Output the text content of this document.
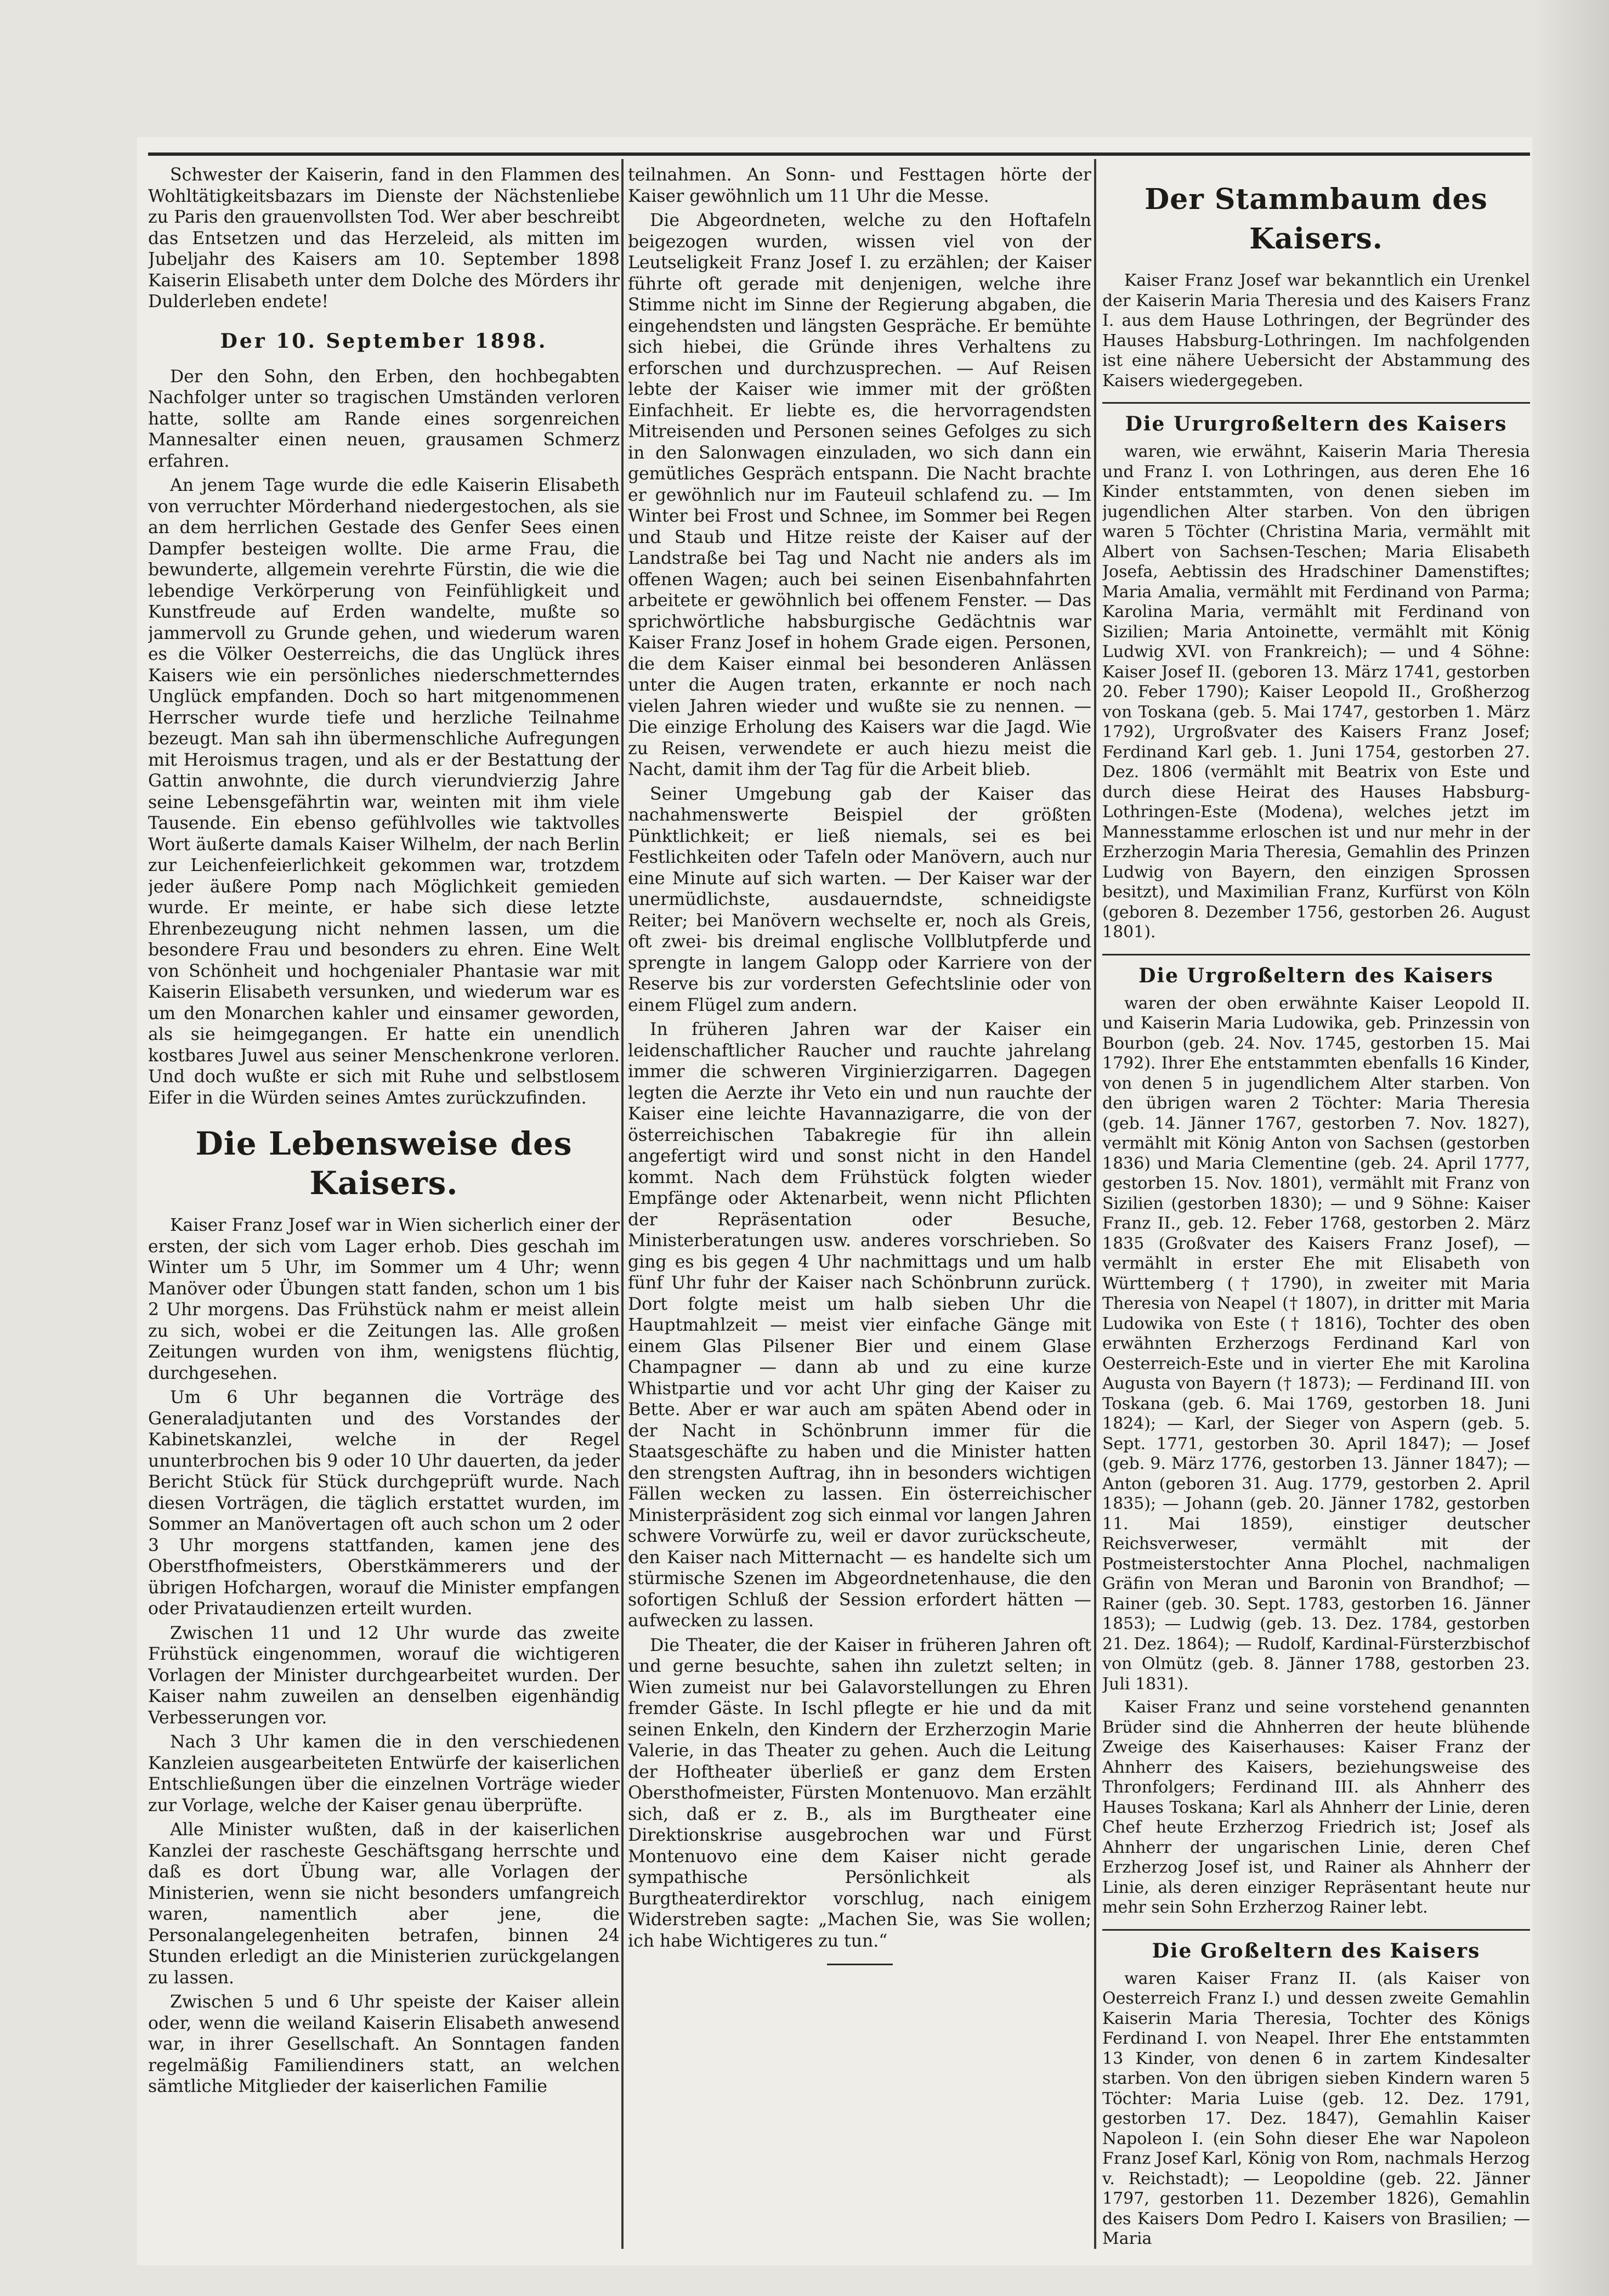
Schwester der Kaiserin, fand in den Flammen des Wohltätigkeitsbazars im Dienste der Nächstenliebe zu Paris den grauenvollsten Tod. Wer aber beschreibt das Entsetzen und das Herzeleid, als mitten im Jubeljahr des Kaisers am 10. September 1898 Kaiserin Elisabeth unter dem Dolche des Mörders ihr Dulderleben endete!

Der 10. September 1898.

Der den Sohn, den Erben, den hochbegabten Nachfolger unter so tragischen Umständen verloren hatte, sollte am Rande eines sorgenreichen Mannesalter einen neuen, grausamen Schmerz erfahren.

An jenem Tage wurde die edle Kaiserin Elisabeth von verruchter Mörderhand niedergestochen, als sie an dem herrlichen Gestade des Genfer Sees einen Dampfer besteigen wollte. Die arme Frau, die bewunderte, allgemein verehrte Fürstin, die wie die lebendige Verkörperung von Feinfühligkeit und Kunstfreude auf Erden wandelte, mußte so jammervoll zu Grunde gehen, und wiederum waren es die Völker Oesterreichs, die das Unglück ihres Kaisers wie ein persönliches niederschmetterndes Unglück empfanden. Doch so hart mitgenommenen Herrscher wurde tiefe und herzliche Teilnahme bezeugt. Man sah ihn übermenschliche Aufregungen mit Heroismus tragen, und als er der Bestattung der Gattin anwohnte, die durch vierundvierzig Jahre seine Lebensgefährtin war, weinten mit ihm viele Tausende. Ein ebenso gefühlvolles wie taktvolles Wort äußerte damals Kaiser Wilhelm, der nach Berlin zur Leichenfeierlichkeit gekommen war, trotzdem jeder äußere Pomp nach Möglichkeit gemieden wurde. Er meinte, er habe sich diese letzte Ehrenbezeugung nicht nehmen lassen, um die besondere Frau und besonders zu ehren. Eine Welt von Schönheit und hochgenialer Phantasie war mit Kaiserin Elisabeth versunken, und wiederum war es um den Monarchen kahler und einsamer geworden, als sie heimgegangen. Er hatte ein unendlich kostbares Juwel aus seiner Menschenkrone verloren. Und doch wußte er sich mit Ruhe und selbstlosem Eifer in die Würden seines Amtes zurückzufinden.

Die Lebensweise des Kaisers.

Kaiser Franz Josef war in Wien sicherlich einer der ersten, der sich vom Lager erhob. Dies geschah im Winter um 5 Uhr, im Sommer um 4 Uhr; wenn Manöver oder Übungen statt fanden, schon um 1 bis 2 Uhr morgens. Das Frühstück nahm er meist allein zu sich, wobei er die Zeitungen las. Alle großen Zeitungen wurden von ihm, wenigstens flüchtig, durchgesehen.

Um 6 Uhr begannen die Vorträge des Generaladjutanten und des Vorstandes der Kabinetskanzlei, welche in der Regel ununterbrochen bis 9 oder 10 Uhr dauerten, da jeder Bericht Stück für Stück durchgeprüft wurde. Nach diesen Vorträgen, die täglich erstattet wurden, im Sommer an Manövertagen oft auch schon um 2 oder 3 Uhr morgens stattfanden, kamen jene des Oberstfhofmeisters, Oberstkämmerers und der übrigen Hofchargen, worauf die Minister empfangen oder Privataudienzen erteilt wurden.

Zwischen 11 und 12 Uhr wurde das zweite Frühstück eingenommen, worauf die wichtigeren Vorlagen der Minister durchgearbeitet wurden. Der Kaiser nahm zuweilen an denselben eigenhändig Verbesserungen vor.

Nach 3 Uhr kamen die in den verschiedenen Kanzleien ausgearbeiteten Entwürfe der kaiserlichen Entschließungen über die einzelnen Vorträge wieder zur Vorlage, welche der Kaiser genau überprüfte.

Alle Minister wußten, daß in der kaiserlichen Kanzlei der rascheste Geschäftsgang herrschte und daß es dort Übung war, alle Vorlagen der Ministerien, wenn sie nicht besonders umfangreich waren, namentlich aber jene, die Personalangelegenheiten betrafen, binnen 24 Stunden erledigt an die Ministerien zurückgelangen zu lassen.

Zwischen 5 und 6 Uhr speiste der Kaiser allein oder, wenn die weiland Kaiserin Elisabeth anwesend war, in ihrer Gesellschaft. An Sonntagen fanden regelmäßig Familiendiners statt, an welchen sämtliche Mitglieder der kaiserlichen Familie

teilnahmen. An Sonn- und Festtagen hörte der Kaiser gewöhnlich um 11 Uhr die Messe.

Die Abgeordneten, welche zu den Hoftafeln beigezogen wurden, wissen viel von der Leutseligkeit Franz Josef I. zu erzählen; der Kaiser führte oft gerade mit denjenigen, welche ihre Stimme nicht im Sinne der Regierung abgaben, die eingehendsten und längsten Gespräche. Er bemühte sich hiebei, die Gründe ihres Verhaltens zu erforschen und durchzusprechen. — Auf Reisen lebte der Kaiser wie immer mit der größten Einfachheit. Er liebte es, die hervorragendsten Mitreisenden und Personen seines Gefolges zu sich in den Salonwagen einzuladen, wo sich dann ein gemütliches Gespräch entspann. Die Nacht brachte er gewöhnlich nur im Fauteuil schlafend zu. — Im Winter bei Frost und Schnee, im Sommer bei Regen und Staub und Hitze reiste der Kaiser auf der Landstraße bei Tag und Nacht nie anders als im offenen Wagen; auch bei seinen Eisenbahnfahrten arbeitete er gewöhnlich bei offenem Fenster. — Das sprichwörtliche habsburgische Gedächtnis war Kaiser Franz Josef in hohem Grade eigen. Personen, die dem Kaiser einmal bei besonderen Anlässen unter die Augen traten, erkannte er noch nach vielen Jahren wieder und wußte sie zu nennen. — Die einzige Erholung des Kaisers war die Jagd. Wie zu Reisen, verwendete er auch hiezu meist die Nacht, damit ihm der Tag für die Arbeit blieb.

Seiner Umgebung gab der Kaiser das nachahmenswerte Beispiel der größten Pünktlichkeit; er ließ niemals, sei es bei Festlichkeiten oder Tafeln oder Manövern, auch nur eine Minute auf sich warten. — Der Kaiser war der unermüdlichste, ausdauerndste, schneidigste Reiter; bei Manövern wechselte er, noch als Greis, oft zwei- bis dreimal englische Vollblutpferde und sprengte in langem Galopp oder Karriere von der Reserve bis zur vordersten Gefechtslinie oder von einem Flügel zum andern.

In früheren Jahren war der Kaiser ein leidenschaftlicher Raucher und rauchte jahrelang immer die schweren Virginierzigarren. Dagegen legten die Aerzte ihr Veto ein und nun rauchte der Kaiser eine leichte Havannazigarre, die von der österreichischen Tabakregie für ihn allein angefertigt wird und sonst nicht in den Handel kommt. Nach dem Frühstück folgten wieder Empfänge oder Aktenarbeit, wenn nicht Pflichten der Repräsentation oder Besuche, Ministerberatungen usw. anderes vorschrieben. So ging es bis gegen 4 Uhr nachmittags und um halb fünf Uhr fuhr der Kaiser nach Schönbrunn zurück. Dort folgte meist um halb sieben Uhr die Hauptmahlzeit — meist vier einfache Gänge mit einem Glas Pilsener Bier und einem Glase Champagner — dann ab und zu eine kurze Whistpartie und vor acht Uhr ging der Kaiser zu Bette. Aber er war auch am späten Abend oder in der Nacht in Schönbrunn immer für die Staatsgeschäfte zu haben und die Minister hatten den strengsten Auftrag, ihn in besonders wichtigen Fällen wecken zu lassen. Ein österreichischer Ministerpräsident zog sich einmal vor langen Jahren schwere Vorwürfe zu, weil er davor zurückscheute, den Kaiser nach Mitternacht — es handelte sich um stürmische Szenen im Abgeordnetenhause, die den sofortigen Schluß der Session erfordert hätten — aufwecken zu lassen.

Die Theater, die der Kaiser in früheren Jahren oft und gerne besuchte, sahen ihn zuletzt selten; in Wien zumeist nur bei Galavorstellungen zu Ehren fremder Gäste. In Ischl pflegte er hie und da mit seinen Enkeln, den Kindern der Erzherzogin Marie Valerie, in das Theater zu gehen. Auch die Leitung der Hoftheater überließ er ganz dem Ersten Obersthofmeister, Fürsten Montenuovo. Man erzählt sich, daß er z. B., als im Burgtheater eine Direktionskrise ausgebrochen war und Fürst Montenuovo eine dem Kaiser nicht gerade sympathische Persönlichkeit als Burgtheaterdirektor vorschlug, nach einigem Widerstreben sagte: „Machen Sie, was Sie wollen; ich habe Wichtigeres zu tun.“

Der Stammbaum des Kaisers.

Kaiser Franz Josef war bekanntlich ein Urenkel der Kaiserin Maria Theresia und des Kaisers Franz I. aus dem Hause Lothringen, der Begründer des Hauses Habsburg-Lothringen. Im nachfolgenden ist eine nähere Uebersicht der Abstammung des Kaisers wiedergegeben.

Die Ururgroßeltern des Kaisers

waren, wie erwähnt, Kaiserin Maria Theresia und Franz I. von Lothringen, aus deren Ehe 16 Kinder entstammten, von denen sieben im jugendlichen Alter starben. Von den übrigen waren 5 Töchter (Christina Maria, vermählt mit Albert von Sachsen-Teschen; Maria Elisabeth Josefa, Aebtissin des Hradschiner Damenstiftes; Maria Amalia, vermählt mit Ferdinand von Parma; Karolina Maria, vermählt mit Ferdinand von Sizilien; Maria Antoinette, vermählt mit König Ludwig XVI. von Frankreich); — und 4 Söhne: Kaiser Josef II. (geboren 13. März 1741, gestorben 20. Feber 1790); Kaiser Leopold II., Großherzog von Toskana (geb. 5. Mai 1747, gestorben 1. März 1792), Urgroßvater des Kaisers Franz Josef; Ferdinand Karl geb. 1. Juni 1754, gestorben 27. Dez. 1806 (vermählt mit Beatrix von Este und durch diese Heirat des Hauses Habsburg-Lothringen-Este (Modena), welches jetzt im Mannesstamme erloschen ist und nur mehr in der Erzherzogin Maria Theresia, Gemahlin des Prinzen Ludwig von Bayern, den einzigen Sprossen besitzt), und Maximilian Franz, Kurfürst von Köln (geboren 8. Dezember 1756, gestorben 26. August 1801).

Die Urgroßeltern des Kaisers

waren der oben erwähnte Kaiser Leopold II. und Kaiserin Maria Ludowika, geb. Prinzessin von Bourbon (geb. 24. Nov. 1745, gestorben 15. Mai 1792). Ihrer Ehe entstammten ebenfalls 16 Kinder, von denen 5 in jugendlichem Alter starben. Von den übrigen waren 2 Töchter: Maria Theresia (geb. 14. Jänner 1767, gestorben 7. Nov. 1827), vermählt mit König Anton von Sachsen (gestorben 1836) und Maria Clementine (geb. 24. April 1777, gestorben 15. Nov. 1801), vermählt mit Franz von Sizilien (gestorben 1830); — und 9 Söhne: Kaiser Franz II., geb. 12. Feber 1768, gestorben 2. März 1835 (Großvater des Kaisers Franz Josef), — vermählt in erster Ehe mit Elisabeth von Württemberg († 1790), in zweiter mit Maria Theresia von Neapel († 1807), in dritter mit Maria Ludowika von Este († 1816), Tochter des oben erwähnten Erzherzogs Ferdinand Karl von Oesterreich-Este und in vierter Ehe mit Karolina Augusta von Bayern († 1873); — Ferdinand III. von Toskana (geb. 6. Mai 1769, gestorben 18. Juni 1824); — Karl, der Sieger von Aspern (geb. 5. Sept. 1771, gestorben 30. April 1847); — Josef (geb. 9. März 1776, gestorben 13. Jänner 1847); — Anton (geboren 31. Aug. 1779, gestorben 2. April 1835); — Johann (geb. 20. Jänner 1782, gestorben 11. Mai 1859), einstiger deutscher Reichsverweser, vermählt mit der Postmeisterstochter Anna Plochel, nachmaligen Gräfin von Meran und Baronin von Brandhof; — Rainer (geb. 30. Sept. 1783, gestorben 16. Jänner 1853); — Ludwig (geb. 13. Dez. 1784, gestorben 21. Dez. 1864); — Rudolf, Kardinal-Fürsterzbischof von Olmütz (geb. 8. Jänner 1788, gestorben 23. Juli 1831).

Kaiser Franz und seine vorstehend genannten Brüder sind die Ahnherren der heute blühende Zweige des Kaiserhauses: Kaiser Franz der Ahnherr des Kaisers, beziehungsweise des Thronfolgers; Ferdinand III. als Ahnherr des Hauses Toskana; Karl als Ahnherr der Linie, deren Chef heute Erzherzog Friedrich ist; Josef als Ahnherr der ungarischen Linie, deren Chef Erzherzog Josef ist, und Rainer als Ahnherr der Linie, als deren einziger Repräsentant heute nur mehr sein Sohn Erzherzog Rainer lebt.

Die Großeltern des Kaisers

waren Kaiser Franz II. (als Kaiser von Oesterreich Franz I.) und dessen zweite Gemahlin Kaiserin Maria Theresia, Tochter des Königs Ferdinand I. von Neapel. Ihrer Ehe entstammten 13 Kinder, von denen 6 in zartem Kindesalter starben. Von den übrigen sieben Kindern waren 5 Töchter: Maria Luise (geb. 12. Dez. 1791, gestorben 17. Dez. 1847), Gemahlin Kaiser Napoleon I. (ein Sohn dieser Ehe war Napoleon Franz Josef Karl, König von Rom, nachmals Herzog v. Reichstadt); — Leopoldine (geb. 22. Jänner 1797, gestorben 11. Dezember 1826), Gemahlin des Kaisers Dom Pedro I. Kaisers von Brasilien; — Maria
